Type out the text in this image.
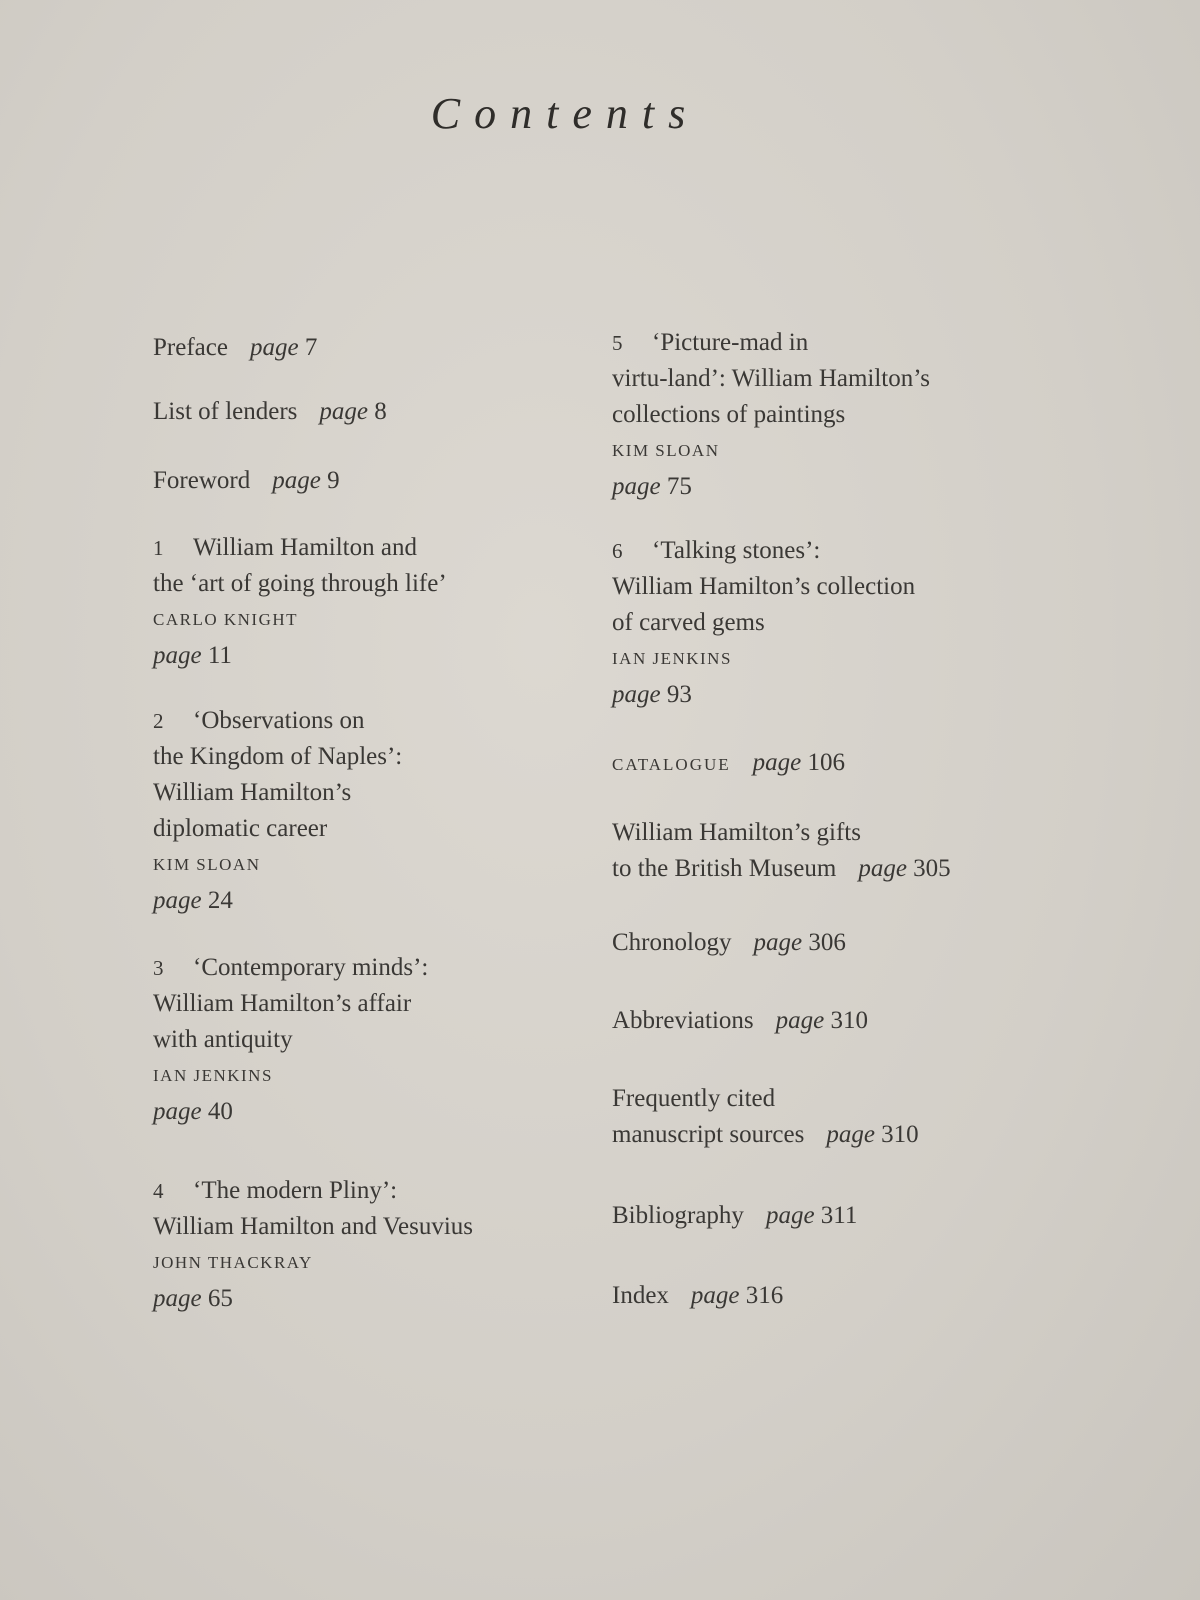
Contents
Preface page 7
List of lenders page 8
Foreword page 9
1 William Hamilton and
the ‘art of going through life’
CARLO KNIGHT
page 11
2 ‘Observations on
the Kingdom of Naples’:
William Hamilton’s
diplomatic career
KIM SLOAN
page 24
3 ‘Contemporary minds’:
William Hamilton’s affair
with antiquity
IAN JENKINS
page 40
4 ‘The modern Pliny’:
William Hamilton and Vesuvius
JOHN THACKRAY
page 65
5 ‘Picture-mad in
virtu-land’: William Hamilton’s
collections of paintings
KIM SLOAN
page 75
6 ‘Talking stones’:
William Hamilton’s collection
of carved gems
IAN JENKINS
page 93
CATALOGUE page 106
William Hamilton’s gifts
to the British Museum page 305
Chronology page 306
Abbreviations page 310
Frequently cited
manuscript sources page 310
Bibliography page 311
Index page 316
